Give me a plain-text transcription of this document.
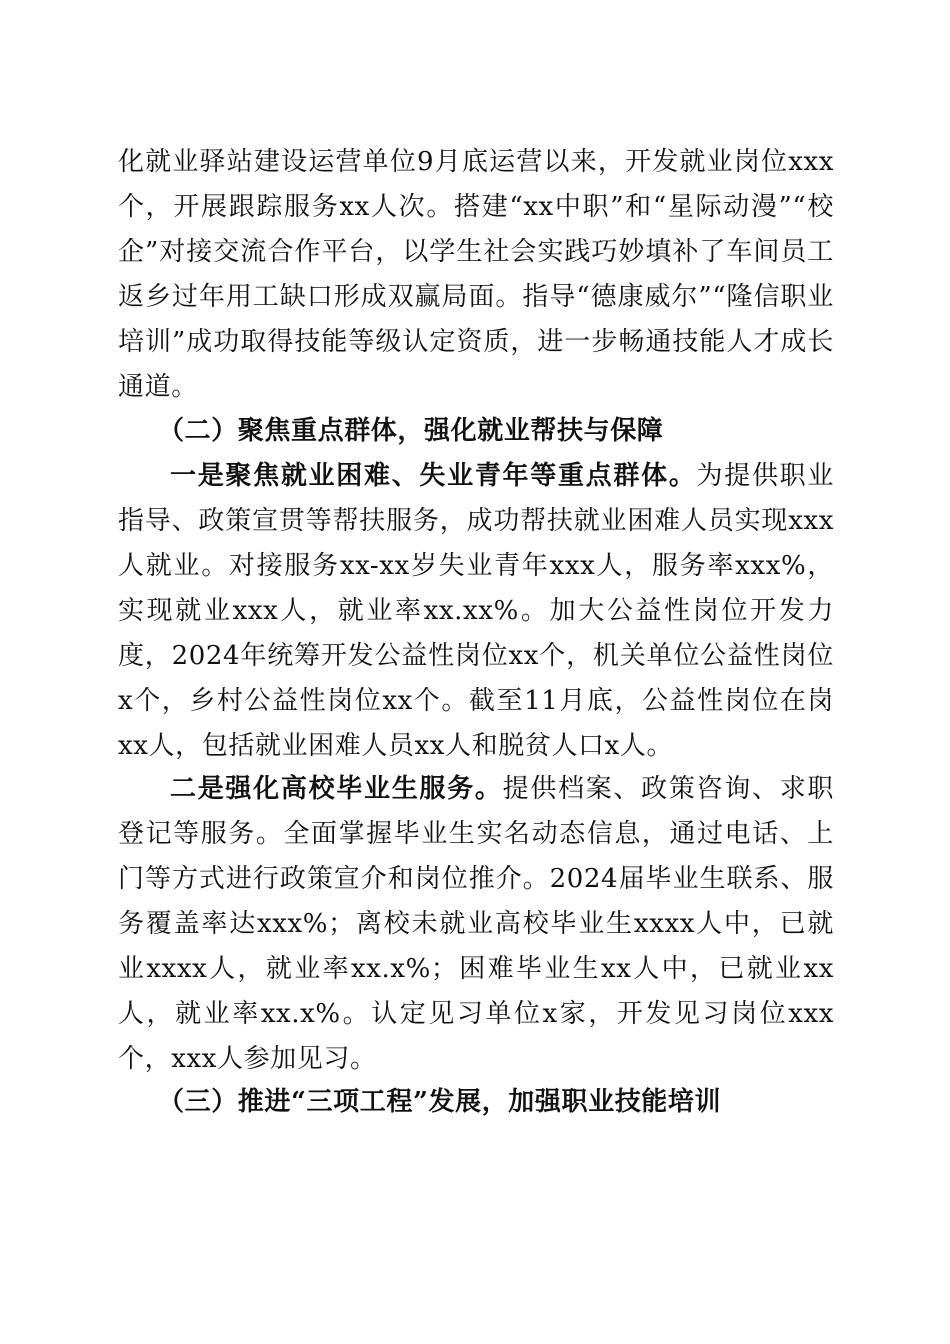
化就业驿站建设运营单位9月底运营以来，开发就业岗位xxx个，开展跟踪服务xx人次。搭建“xx中职”和“星际动漫”“校企”对接交流合作平台，以学生社会实践巧妙填补了车间员工返乡过年用工缺口形成双赢局面。指导“德康威尔”“隆信职业培训”成功取得技能等级认定资质，进一步畅通技能人才成长通道。
（二）聚焦重点群体，强化就业帮扶与保障
一是聚焦就业困难、失业青年等重点群体。为提供职业指导、政策宣贯等帮扶服务，成功帮扶就业困难人员实现xxx人就业。对接服务xx-xx岁失业青年xxx人，服务率xxx%，实现就业xxx人，就业率xx.xx%。加大公益性岗位开发力度，2024年统筹开发公益性岗位xx个，机关单位公益性岗位x个，乡村公益性岗位xx个。截至11月底，公益性岗位在岗xx人，包括就业困难人员xx人和脱贫人口x人。
二是强化高校毕业生服务。提供档案、政策咨询、求职登记等服务。全面掌握毕业生实名动态信息，通过电话、上门等方式进行政策宣介和岗位推介。2024届毕业生联系、服务覆盖率达xxx%；离校未就业高校毕业生xxxx人中，已就业xxxx人，就业率xx.x%；困难毕业生xx人中，已就业xx人，就业率xx.x%。认定见习单位x家，开发见习岗位xxx个，xxx人参加见习。
（三）推进“三项工程”发展，加强职业技能培训
